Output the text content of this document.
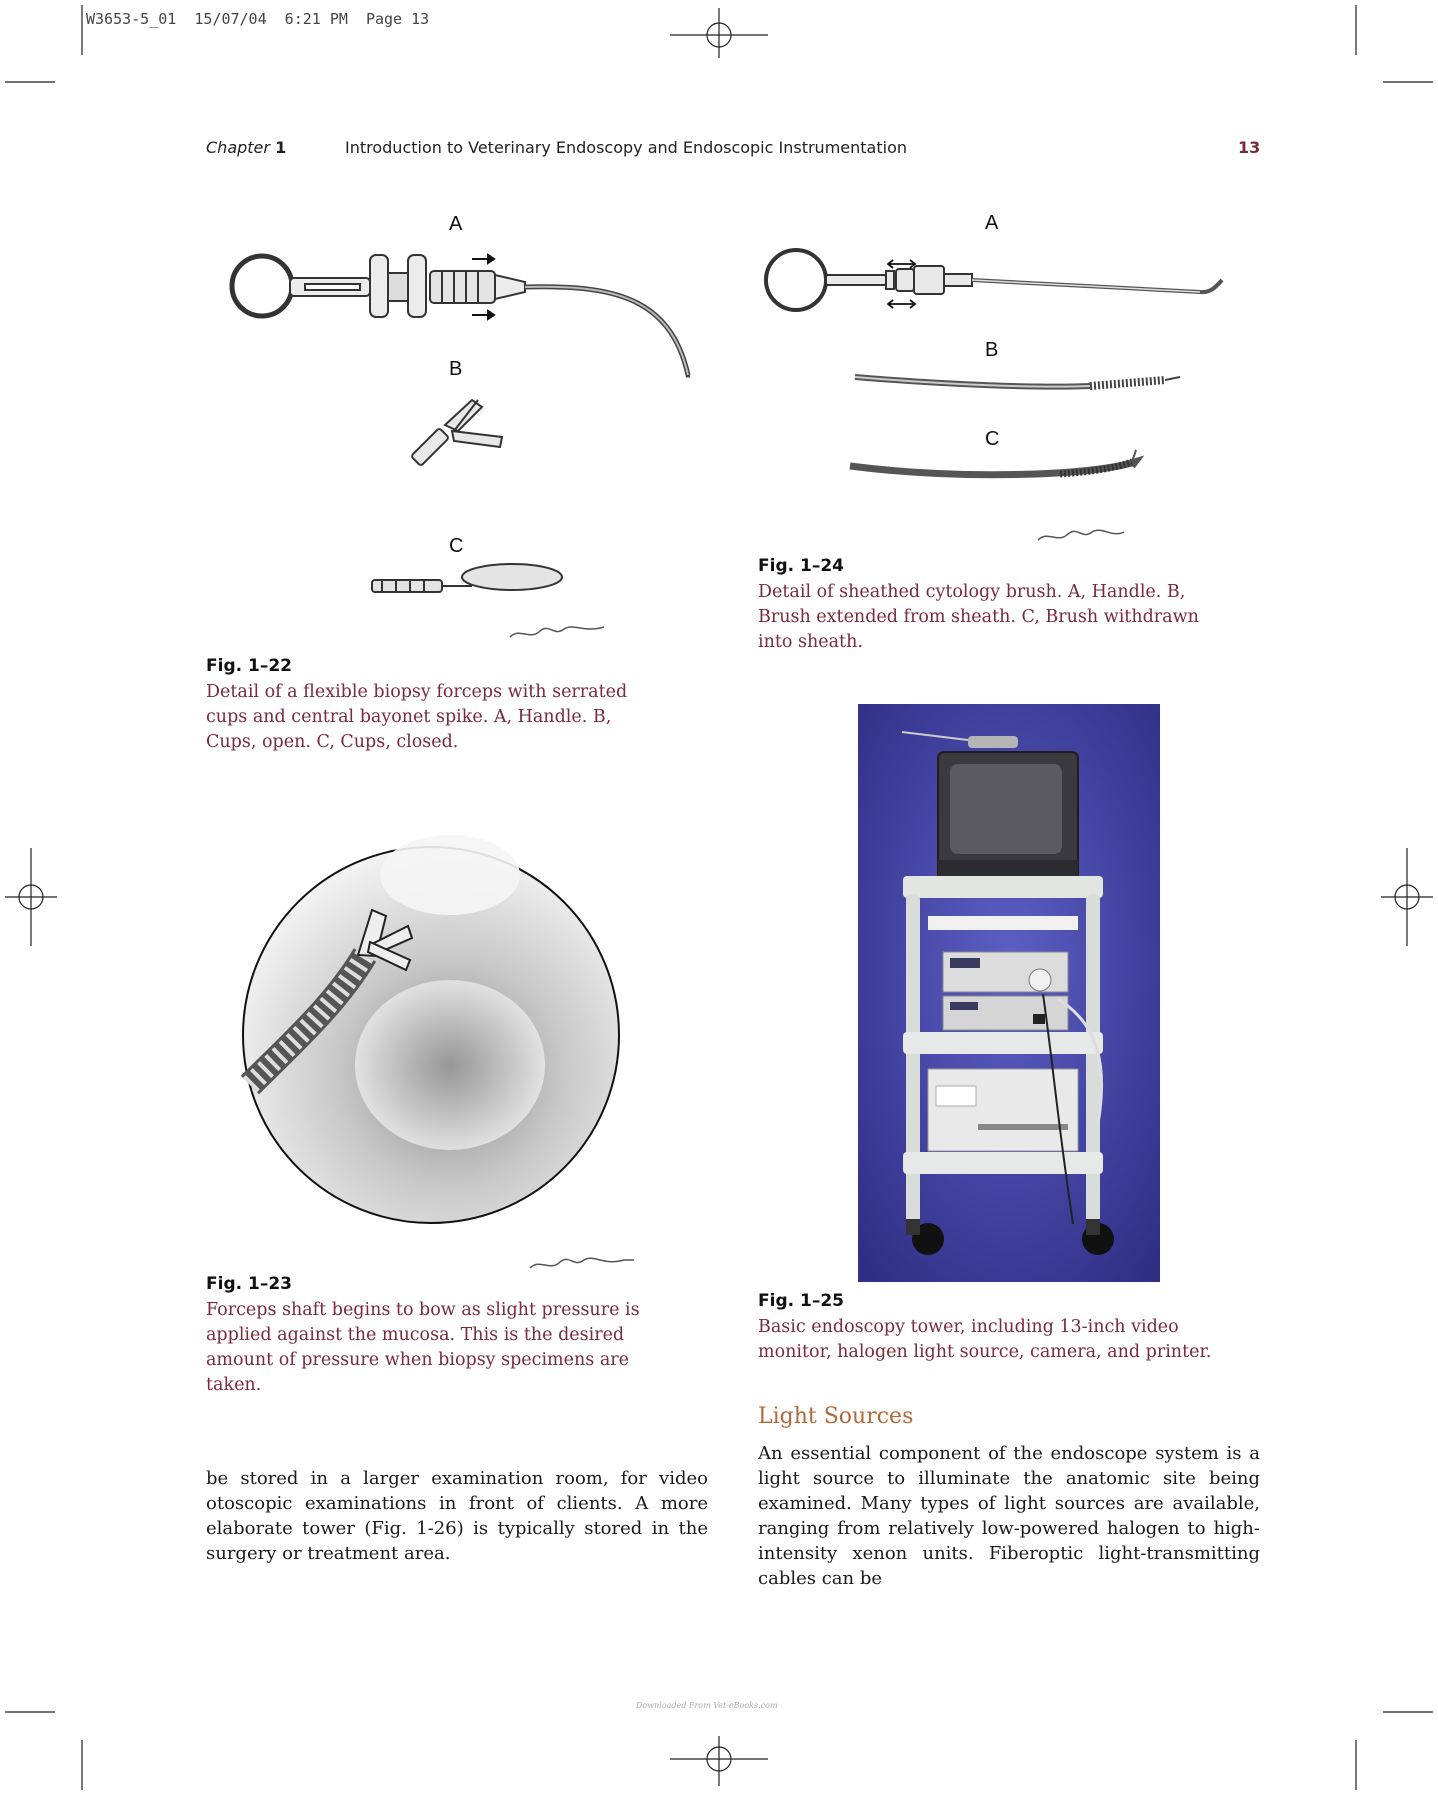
W3653-5_01  15/07/04  6:21 PM  Page 13
Chapter 1	Introduction to Veterinary Endoscopy and Endoscopic Instrumentation	13
A
B
C
Fig. 1–22
Detail of a flexible biopsy forceps with serrated cups and central bayonet spike. A, Handle. B, Cups, open. C, Cups, closed.
A
B
C
Fig. 1–24
Detail of sheathed cytology brush. A, Handle. B, Brush extended from sheath. C, Brush withdrawn into sheath.
Fig. 1–23
Forceps shaft begins to bow as slight pressure is applied against the mucosa. This is the desired amount of pressure when biopsy specimens are taken.
Fig. 1–25
Basic endoscopy tower, including 13-inch video monitor, halogen light source, camera, and printer.
Light Sources
be stored in a larger examination room, for video otoscopic examinations in front of clients. A more elaborate tower (Fig. 1-26) is typically stored in the surgery or treatment area.
An essential component of the endoscope system is a light source to illuminate the anatomic site being examined. Many types of light sources are available, ranging from relatively low-powered halogen to high-intensity xenon units. Fiberoptic light-transmitting cables can be
Downloaded From Vet-eBooks.com
